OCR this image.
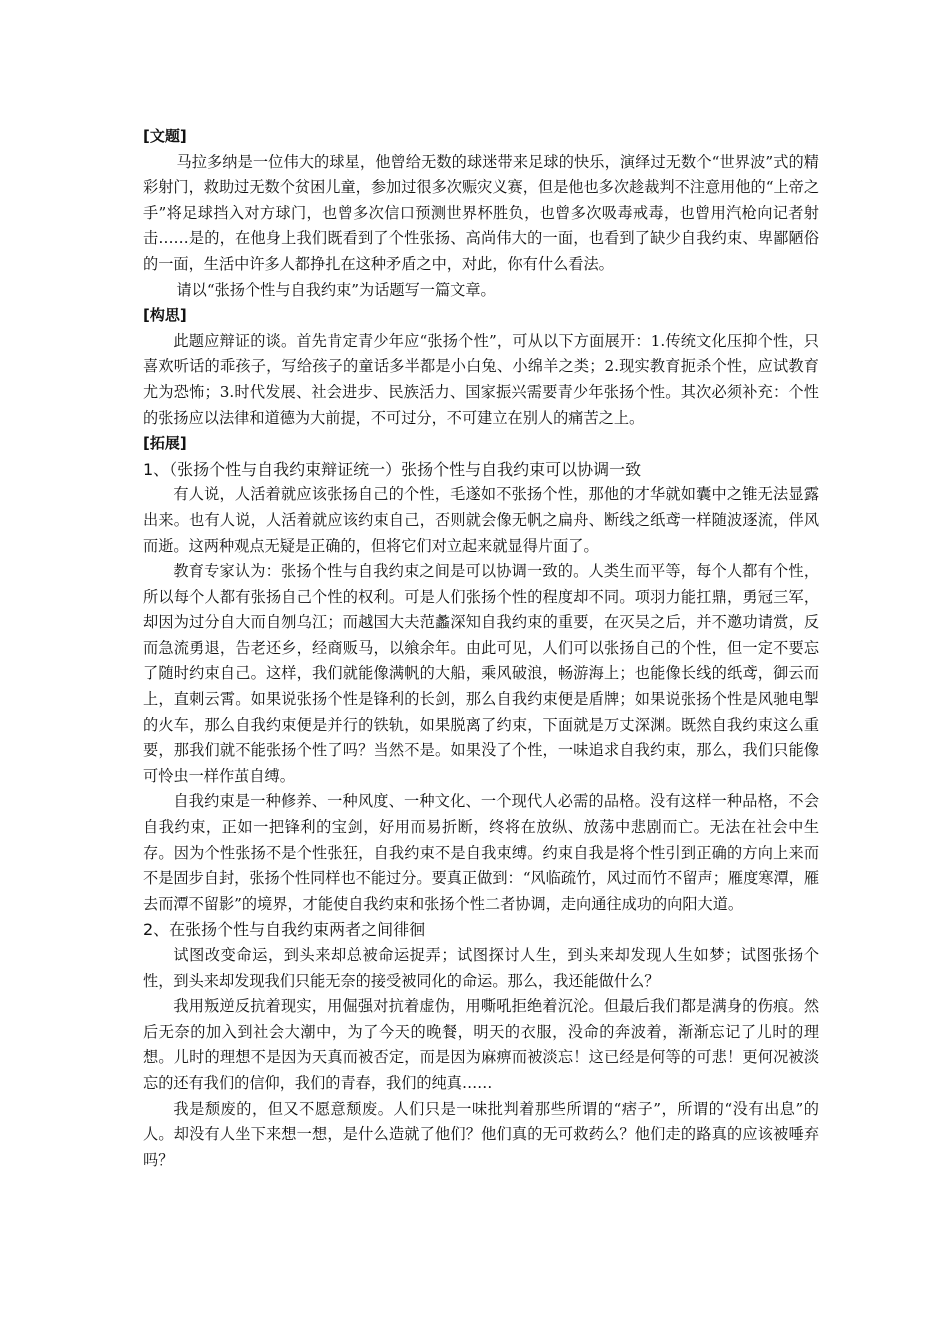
[文题]

马拉多纳是一位伟大的球星，他曾给无数的球迷带来足球的快乐，演绎过无数个“世界波”式的精彩射门，救助过无数个贫困儿童，参加过很多次赈灾义赛，但是他也多次趁裁判不注意用他的“上帝之手”将足球挡入对方球门，也曾多次信口预测世界杯胜负，也曾多次吸毒戒毒，也曾用汽枪向记者射击……是的，在他身上我们既看到了个性张扬、高尚伟大的一面，也看到了缺少自我约束、卑鄙陋俗的一面，生活中许多人都挣扎在这种矛盾之中，对此，你有什么看法。

请以“张扬个性与自我约束”为话题写一篇文章。

[构思]

此题应辩证的谈。首先肯定青少年应“张扬个性”，可从以下方面展开：1.传统文化压抑个性，只喜欢听话的乖孩子，写给孩子的童话多半都是小白兔、小绵羊之类；2.现实教育扼杀个性，应试教育尤为恐怖；3.时代发展、社会进步、民族活力、国家振兴需要青少年张扬个性。其次必须补充：个性的张扬应以法律和道德为大前提，不可过分，不可建立在别人的痛苦之上。

[拓展]

1、（张扬个性与自我约束辩证统一）张扬个性与自我约束可以协调一致

有人说，人活着就应该张扬自己的个性，毛遂如不张扬个性，那他的才华就如囊中之锥无法显露出来。也有人说，人活着就应该约束自己，否则就会像无帆之扁舟、断线之纸鸢一样随波逐流，伴风而逝。这两种观点无疑是正确的，但将它们对立起来就显得片面了。

教育专家认为：张扬个性与自我约束之间是可以协调一致的。人类生而平等，每个人都有个性，所以每个人都有张扬自己个性的权利。可是人们张扬个性的程度却不同。项羽力能扛鼎，勇冠三军，却因为过分自大而自刎乌江；而越国大夫范蠡深知自我约束的重要，在灭吴之后，并不邀功请赏，反而急流勇退，告老还乡，经商贩马，以飨余年。由此可见，人们可以张扬自己的个性，但一定不要忘了随时约束自己。这样，我们就能像满帆的大船，乘风破浪，畅游海上；也能像长线的纸鸢，御云而上，直刺云霄。如果说张扬个性是锋利的长剑，那么自我约束便是盾牌；如果说张扬个性是风驰电掣的火车，那么自我约束便是并行的铁轨，如果脱离了约束，下面就是万丈深渊。既然自我约束这么重要，那我们就不能张扬个性了吗？当然不是。如果没了个性，一味追求自我约束，那么，我们只能像可怜虫一样作茧自缚。

自我约束是一种修养、一种风度、一种文化、一个现代人必需的品格。没有这样一种品格，不会自我约束，正如一把锋利的宝剑，好用而易折断，终将在放纵、放荡中悲剧而亡。无法在社会中生存。因为个性张扬不是个性张狂，自我约束不是自我束缚。约束自我是将个性引到正确的方向上来而不是固步自封，张扬个性同样也不能过分。要真正做到：“风临疏竹，风过而竹不留声；雁度寒潭，雁去而潭不留影”的境界，才能使自我约束和张扬个性二者协调，走向通往成功的向阳大道。

2、在张扬个性与自我约束两者之间徘徊

试图改变命运，到头来却总被命运捉弄；试图探讨人生，到头来却发现人生如梦；试图张扬个性，到头来却发现我们只能无奈的接受被同化的命运。那么，我还能做什么？

我用叛逆反抗着现实，用倔强对抗着虚伪，用嘶吼拒绝着沉沦。但最后我们都是满身的伤痕。然后无奈的加入到社会大潮中，为了今天的晚餐，明天的衣服，没命的奔波着，渐渐忘记了儿时的理想。儿时的理想不是因为天真而被否定，而是因为麻痹而被淡忘！这已经是何等的可悲！更何况被淡忘的还有我们的信仰，我们的青春，我们的纯真……

我是颓废的，但又不愿意颓废。人们只是一味批判着那些所谓的“痞子”，所谓的“没有出息”的人。却没有人坐下来想一想，是什么造就了他们？他们真的无可救药么？他们走的路真的应该被唾弃吗？
